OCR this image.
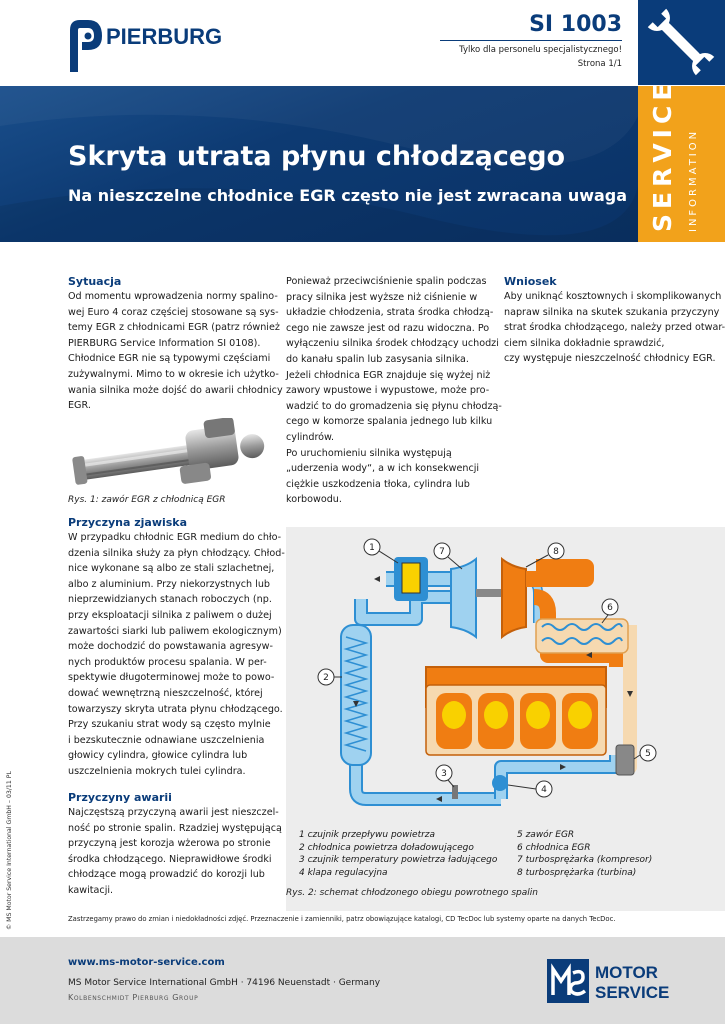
PIERBURG	SI 1003
Tylko dla personelu specjalistycznego!
Strona 1/1
Skryta utrata płynu chłodzącego
Na nieszczelne chłodnice EGR często nie jest zwracana uwaga SERVICE INFORMATION
Sytuacja
Od momentu wprowadzenia normy spalino-
wej Euro 4 coraz częściej stosowane są sys-
temy EGR z chłodnicami EGR (patrz również
PIERBURG Service Information SI 0108).
Chłodnice EGR nie są typowymi częściami
zużywalnymi. Mimo to w okresie ich użytko-
wania silnika może dojść do awarii chłodnicy
EGR.
Rys. 1: zawór EGR z chłodnicą EGR
Przyczyna zjawiska
W przypadku chłodnic EGR medium do chło-
dzenia silnika służy za płyn chłodzący. Chłod-
nice wykonane są albo ze stali szlachetnej,
albo z aluminium. Przy niekorzystnych lub
nieprzewidzianych stanach roboczych (np.
przy eksploatacji silnika z paliwem o dużej
zawartości siarki lub paliwem ekologicznym)
może dochodzić do powstawania agresyw-
nych produktów procesu spalania. W per-
spektywie długoterminowej może to powo-
dować wewnętrzną nieszczelność, której
towarzyszy skryta utrata płynu chłodzącego.
Przy szukaniu strat wody są często mylnie
i bezskutecznie odnawiane uszczelnienia
głowicy cylindra, głowice cylindra lub
uszczelnienia mokrych tulei cylindra.
Przyczyny awarii
Najczęstszą przyczyną awarii jest nieszczel-
ność po stronie spalin. Rzadziej występującą
przyczyną jest korozja wżerowa po stronie
środka chłodzącego. Nieprawidłowe środki
chłodzące mogą prowadzić do korozji lub
kawitacji.
Ponieważ przeciwciśnienie spalin podczas
pracy silnika jest wyższe niż ciśnienie w
układzie chłodzenia, strata środka chłodzą-
cego nie zawsze jest od razu widoczna. Po
wyłączeniu silnika środek chłodzący uchodzi
do kanału spalin lub zasysania silnika.
Jeżeli chłodnica EGR znajduje się wyżej niż
zawory wpustowe i wypustowe, może pro-
wadzić to do gromadzenia się płynu chłodzą-
cego w komorze spalania jednego lub kilku
cylindrów.
Po uruchomieniu silnika występują
„uderzenia wody“, a w ich konsekwencji
ciężkie uszkodzenia tłoka, cylindra lub
korbowodu.
Wniosek
Aby uniknąć kosztownych i skomplikowanych
napraw silnika na skutek szukania przyczyny
strat środka chłodzącego, należy przed otwar-
ciem silnika dokładnie sprawdzić,
czy występuje nieszczelność chłodnicy EGR.
1
2
3
4
5
6
7	8
1 czujnik przepływu powietrza
2 chłodnica powietrza doładowującego
3 czujnik temperatury powietrza ładującego
4 klapa regulacyjna
5 zawór EGR
6 chłodnica EGR
7 turbosprężarka (kompresor)
8 turbosprężarka (turbina)
Rys. 2: schemat chłodzonego obiegu powrotnego spalin
Zastrzegamy prawo do zmian i niedokładności zdjęć. Przeznaczenie i zamienniki, patrz obowiązujące katalogi, CD TecDoc lub systemy oparte na danych TecDoc.
© MS Motor Service International GmbH – 03/11 PL
www.ms-motor-service.com
MS Motor Service International GmbH · 74196 Neuenstadt · Germany
Kolbenschmidt Pierburg Group
MOTOR
SERVICE
